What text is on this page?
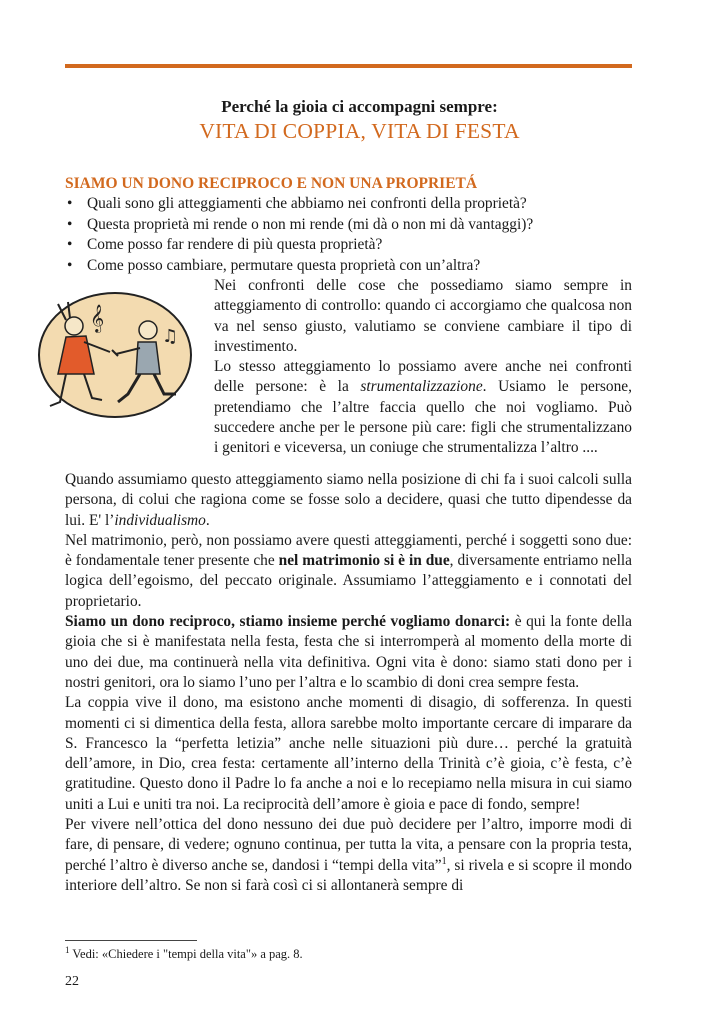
Perché la gioia ci accompagni sempre:
VITA DI COPPIA, VITA DI FESTA
SIAMO UN DONO RECIPROCO E NON UNA PROPRIETÁ
• Quali sono gli atteggiamenti che abbiamo nei confronti della proprietà?
• Questa proprietà mi rende o non mi rende (mi dà o non mi dà vantaggi)?
• Come posso far rendere di più questa proprietà?
• Come posso cambiare, permutare questa proprietà con un’altra?
𝄞
♫

Nei confronti delle cose che possediamo siamo sempre in atteggiamento di controllo: quando ci accorgiamo che qualcosa non va nel senso giusto, valutiamo se conviene cambiare il tipo di investimento.

Lo stesso atteggiamento lo possiamo avere anche nei confronti delle persone: è la strumentalizzazione. Usiamo le persone, pretendiamo che l’altre faccia quello che noi vogliamo. Può succedere anche per le persone più care: figli che strumentalizzano i genitori e viceversa, un coniuge che strumentalizza l’altro ....

Quando assumiamo questo atteggiamento siamo nella posizione di chi fa i suoi calcoli sulla persona, di colui che ragiona come se fosse solo a decidere, quasi che tutto dipendesse da lui. E' l’individualismo.

Nel matrimonio, però, non possiamo avere questi atteggiamenti, perché i soggetti sono due: è fondamentale tener presente che nel matrimonio si è in due, diversamente entriamo nella logica dell’egoismo, del peccato originale. Assumiamo l’atteggiamento e i connotati del proprietario.

Siamo un dono reciproco, stiamo insieme perché vogliamo donarci: è qui la fonte della gioia che si è manifestata nella festa, festa che si interromperà al momento della morte di uno dei due, ma continuerà nella vita definitiva. Ogni vita è dono: siamo stati dono per i nostri genitori, ora lo siamo l’uno per l’altra e lo scambio di doni crea sempre festa.

La coppia vive il dono, ma esistono anche momenti di disagio, di sofferenza. In questi momenti ci si dimentica della festa, allora sarebbe molto importante cercare di imparare da S. Francesco la “perfetta letizia” anche nelle situazioni più dure… perché la gratuità dell’amore, in Dio, crea festa: certamente all’interno della Trinità c’è gioia, c’è festa, c’è gratitudine. Questo dono il Padre lo fa anche a noi e lo recepiamo nella misura in cui siamo uniti a Lui e uniti tra noi. La reciprocità dell’amore è gioia e pace di fondo, sempre!

Per vivere nell’ottica del dono nessuno dei due può decidere per l’altro, imporre modi di fare, di pensare, di vedere; ognuno continua, per tutta la vita, a pensare con la propria testa, perché l’altro è diverso anche se, dandosi i “tempi della vita”$^1$, si rivela e si scopre il mondo interiore dell’altro. Se non si farà così ci si allontanerà sempre di

$^1$ Vedi: «Chiedere i "tempi della vita"» a pag. 8.
22
